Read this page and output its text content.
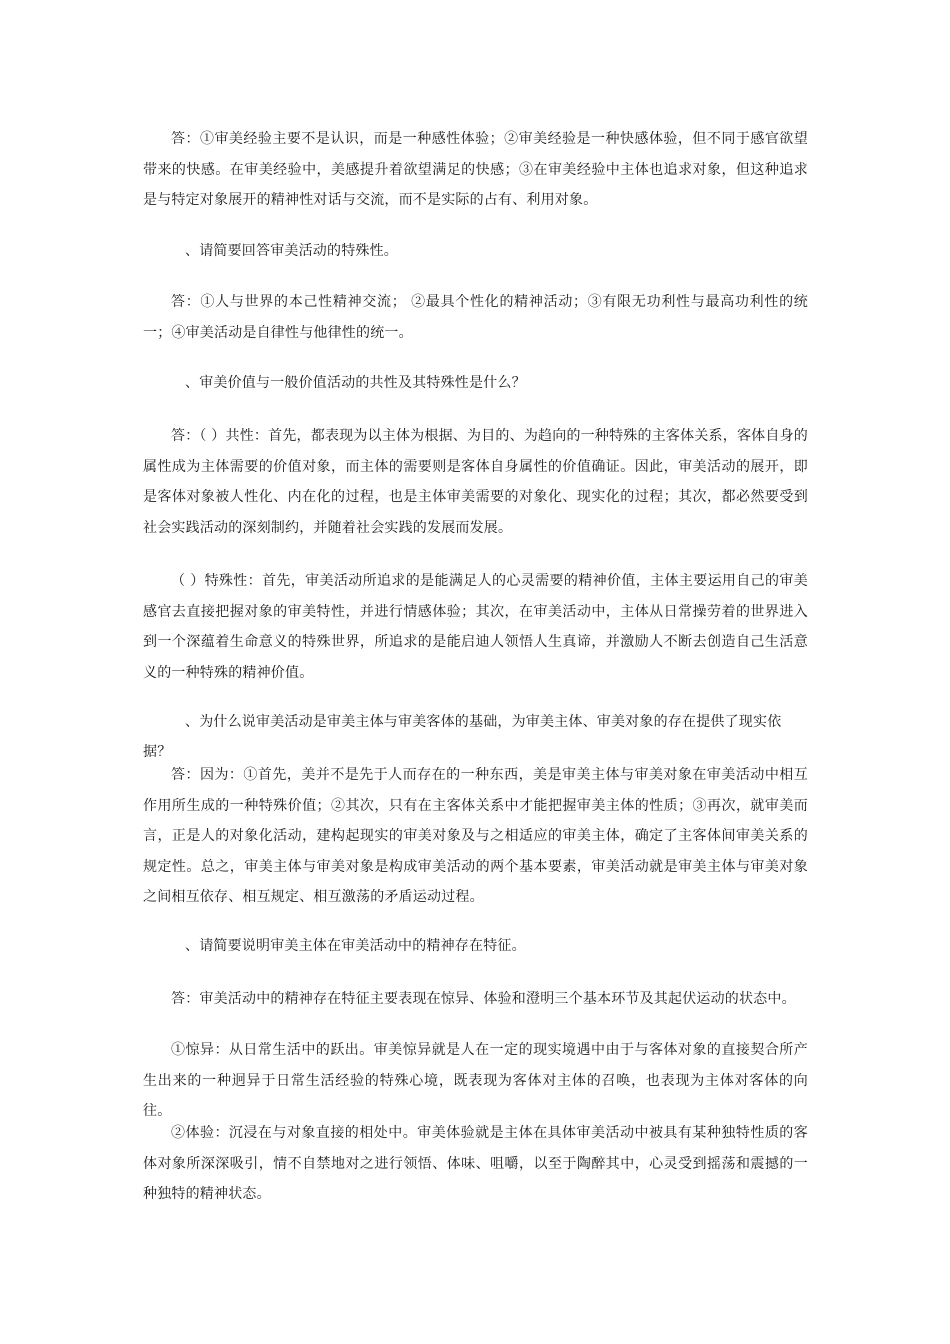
答：①审美经验主要不是认识，而是一种感性体验；②审美经验是一种快感体验，但不同于感官欲望带来的快感。在审美经验中，美感提升着欲望满足的快感；③在审美经验中主体也追求对象，但这种追求是与特定对象展开的精神性对话与交流，而不是实际的占有、利用对象。

、请简要回答审美活动的特殊性。

答：①人与世界的本己性精神交流； ②最具个性化的精神活动；③有限无功利性与最高功利性的统一；④审美活动是自律性与他律性的统一。

、审美价值与一般价值活动的共性及其特殊性是什么？

答：（ ）共性：首先，都表现为以主体为根据、为目的、为趋向的一种特殊的主客体关系，客体自身的属性成为主体需要的价值对象，而主体的需要则是客体自身属性的价值确证。因此，审美活动的展开，即是客体对象被人性化、内在化的过程，也是主体审美需要的对象化、现实化的过程；其次，都必然要受到社会实践活动的深刻制约，并随着社会实践的发展而发展。

（ ）特殊性：首先，审美活动所追求的是能满足人的心灵需要的精神价值，主体主要运用自己的审美感官去直接把握对象的审美特性，并进行情感体验；其次，在审美活动中，主体从日常操劳着的世界进入到一个深蕴着生命意义的特殊世界，所追求的是能启迪人领悟人生真谛，并激励人不断去创造自己生活意义的一种特殊的精神价值。

、为什么说审美活动是审美主体与审美客体的基础，为审美主体、审美对象的存在提供了现实依据？

答：因为：①首先，美并不是先于人而存在的一种东西，美是审美主体与审美对象在审美活动中相互作用所生成的一种特殊价值；②其次，只有在主客体关系中才能把握审美主体的性质；③再次，就审美而言，正是人的对象化活动，建构起现实的审美对象及与之相适应的审美主体，确定了主客体间审美关系的规定性。总之，审美主体与审美对象是构成审美活动的两个基本要素，审美活动就是审美主体与审美对象之间相互依存、相互规定、相互激荡的矛盾运动过程。

、请简要说明审美主体在审美活动中的精神存在特征。

答：审美活动中的精神存在特征主要表现在惊异、体验和澄明三个基本环节及其起伏运动的状态中。

①惊异：从日常生活中的跃出。审美惊异就是人在一定的现实境遇中由于与客体对象的直接契合所产生出来的一种迥异于日常生活经验的特殊心境，既表现为客体对主体的召唤，也表现为主体对客体的向往。

②体验：沉浸在与对象直接的相处中。审美体验就是主体在具体审美活动中被具有某种独特性质的客体对象所深深吸引，情不自禁地对之进行领悟、体味、咀嚼，以至于陶醉其中，心灵受到摇荡和震撼的一种独特的精神状态。
